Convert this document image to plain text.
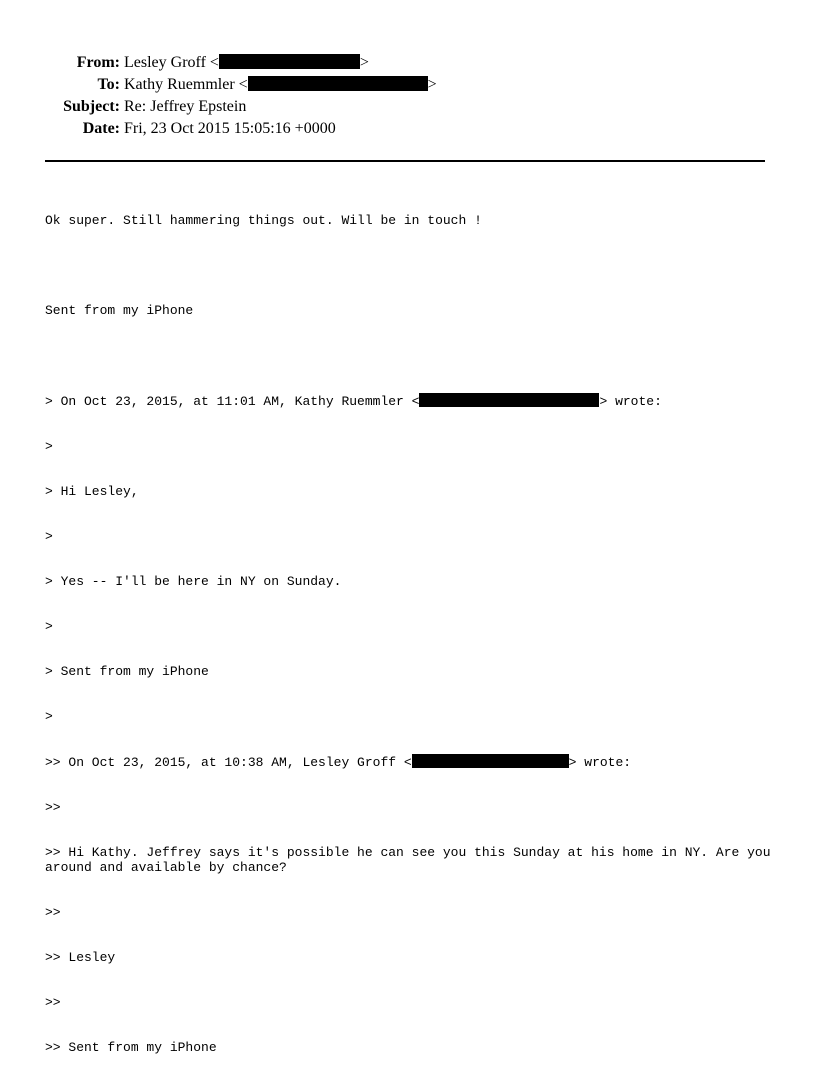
From: Lesley Groff <	>
To: Kathy Ruemmler <	>
Subject: Re: Jeffrey Epstein
Date: Fri, 23 Oct 2015 15:05:16 +0000

Ok super. Still hammering things out. Will be in touch !

Sent from my iPhone

> On Oct 23, 2015, at 11:01 AM, Kathy Ruemmler <	> wrote:

>

> Hi Lesley,

>

> Yes -- I'll be here in NY on Sunday.

>

> Sent from my iPhone

>

>> On Oct 23, 2015, at 10:38 AM, Lesley Groff <	> wrote:

>>

>> Hi Kathy. Jeffrey says it's possible he can see you this Sunday at his home in NY. Are you around and available by chance?

>>

>> Lesley

>>

>> Sent from my iPhone
